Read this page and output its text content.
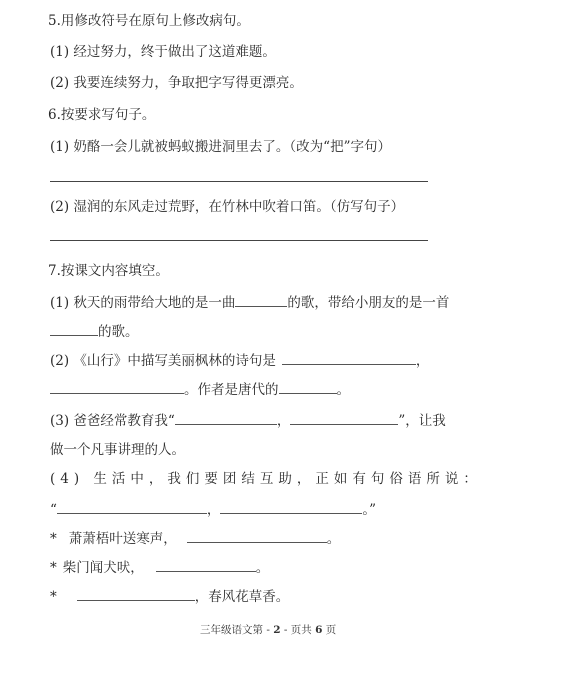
5.用修改符号在原句上修改病句。
(1) 经过努力，终于做出了这道难题。
(2) 我要连续努力，争取把字写得更漂亮。
6.按要求写句子。
(1) 奶酪一会儿就被蚂蚁搬进洞里去了。（改为“把”字句）
(2) 湿润的东风走过荒野，在竹林中吹着口笛。（仿写句子）
7.按课文内容填空。
(1) 秋天的雨带给大地的是一曲	的歌，带给小朋友的是一首
的歌。
(2) 《山行》中描写美丽枫林的诗句是	，
。作者是唐代的	。
(3) 爸爸经常教育我“	，	”，让我
做一个凡事讲理的人。
(4) 生活中，我们要团结互助，正如有句俗语所说：
“	，	。”
* 萧萧梧叶送寒声，	。
* 柴门闻犬吠，	。
*	，春风花草香。
三年级语文第 - 2 - 页共 6 页
